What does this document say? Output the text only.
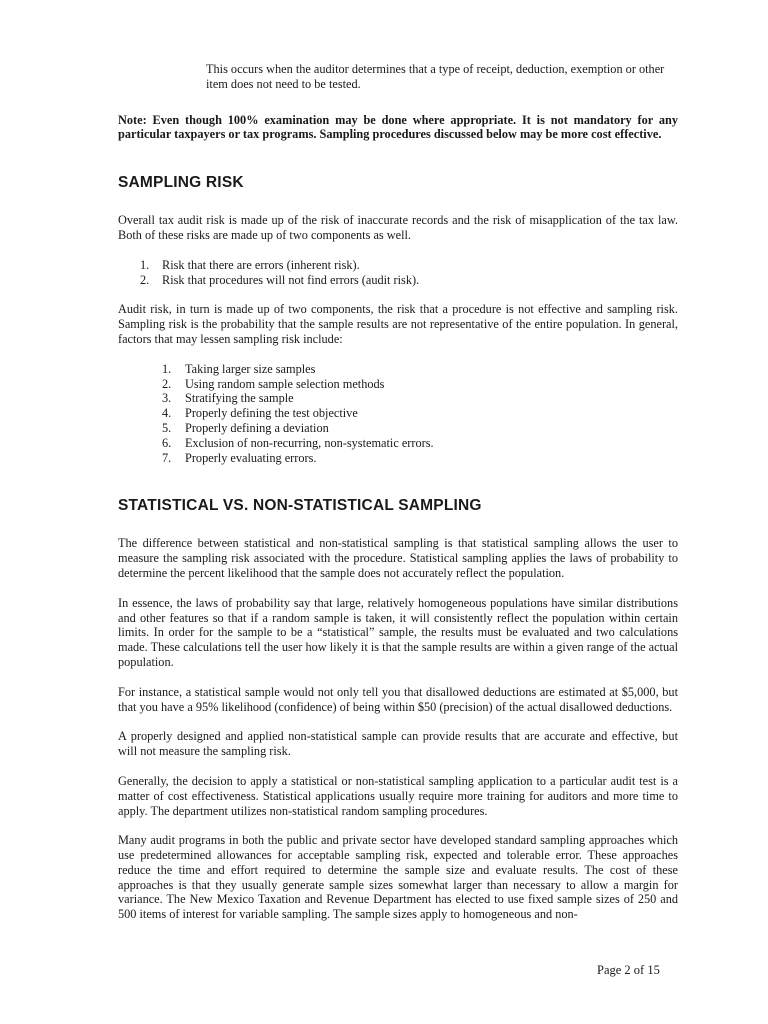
This occurs when the auditor determines that a type of receipt, deduction, exemption or other item does not need to be tested.

Note: Even though 100% examination may be done where appropriate. It is not mandatory for any particular taxpayers or tax programs. Sampling procedures discussed below may be more cost effective.

SAMPLING RISK

Overall tax audit risk is made up of the risk of inaccurate records and the risk of misapplication of the tax law. Both of these risks are made up of two components as well.

1. Risk that there are errors (inherent risk).
2. Risk that procedures will not find errors (audit risk).

Audit risk, in turn is made up of two components, the risk that a procedure is not effective and sampling risk. Sampling risk is the probability that the sample results are not representative of the entire population. In general, factors that may lessen sampling risk include:

1. Taking larger size samples
2. Using random sample selection methods
3. Stratifying the sample
4. Properly defining the test objective
5. Properly defining a deviation
6. Exclusion of non-recurring, non-systematic errors.
7. Properly evaluating errors.
STATISTICAL VS. NON-STATISTICAL SAMPLING

The difference between statistical and non-statistical sampling is that statistical sampling allows the user to measure the sampling risk associated with the procedure. Statistical sampling applies the laws of probability to determine the percent likelihood that the sample does not accurately reflect the population.

In essence, the laws of probability say that large, relatively homogeneous populations have similar distributions and other features so that if a random sample is taken, it will consistently reflect the population within certain limits. In order for the sample to be a “statistical” sample, the results must be evaluated and two calculations made. These calculations tell the user how likely it is that the sample results are within a given range of the actual population.

For instance, a statistical sample would not only tell you that disallowed deductions are estimated at $5,000, but that you have a 95% likelihood (confidence) of being within $50 (precision) of the actual disallowed deductions.

A properly designed and applied non-statistical sample can provide results that are accurate and effective, but will not measure the sampling risk.

Generally, the decision to apply a statistical or non-statistical sampling application to a particular audit test is a matter of cost effectiveness. Statistical applications usually require more training for auditors and more time to apply. The department utilizes non-statistical random sampling procedures.

Many audit programs in both the public and private sector have developed standard sampling approaches which use predetermined allowances for acceptable sampling risk, expected and tolerable error. These approaches reduce the time and effort required to determine the sample size and evaluate results. The cost of these approaches is that they usually generate sample sizes somewhat larger than necessary to allow a margin for variance. The New Mexico Taxation and Revenue Department has elected to use fixed sample sizes of 250 and 500 items of interest for variable sampling. The sample sizes apply to homogeneous and non-

Page 2 of 15
